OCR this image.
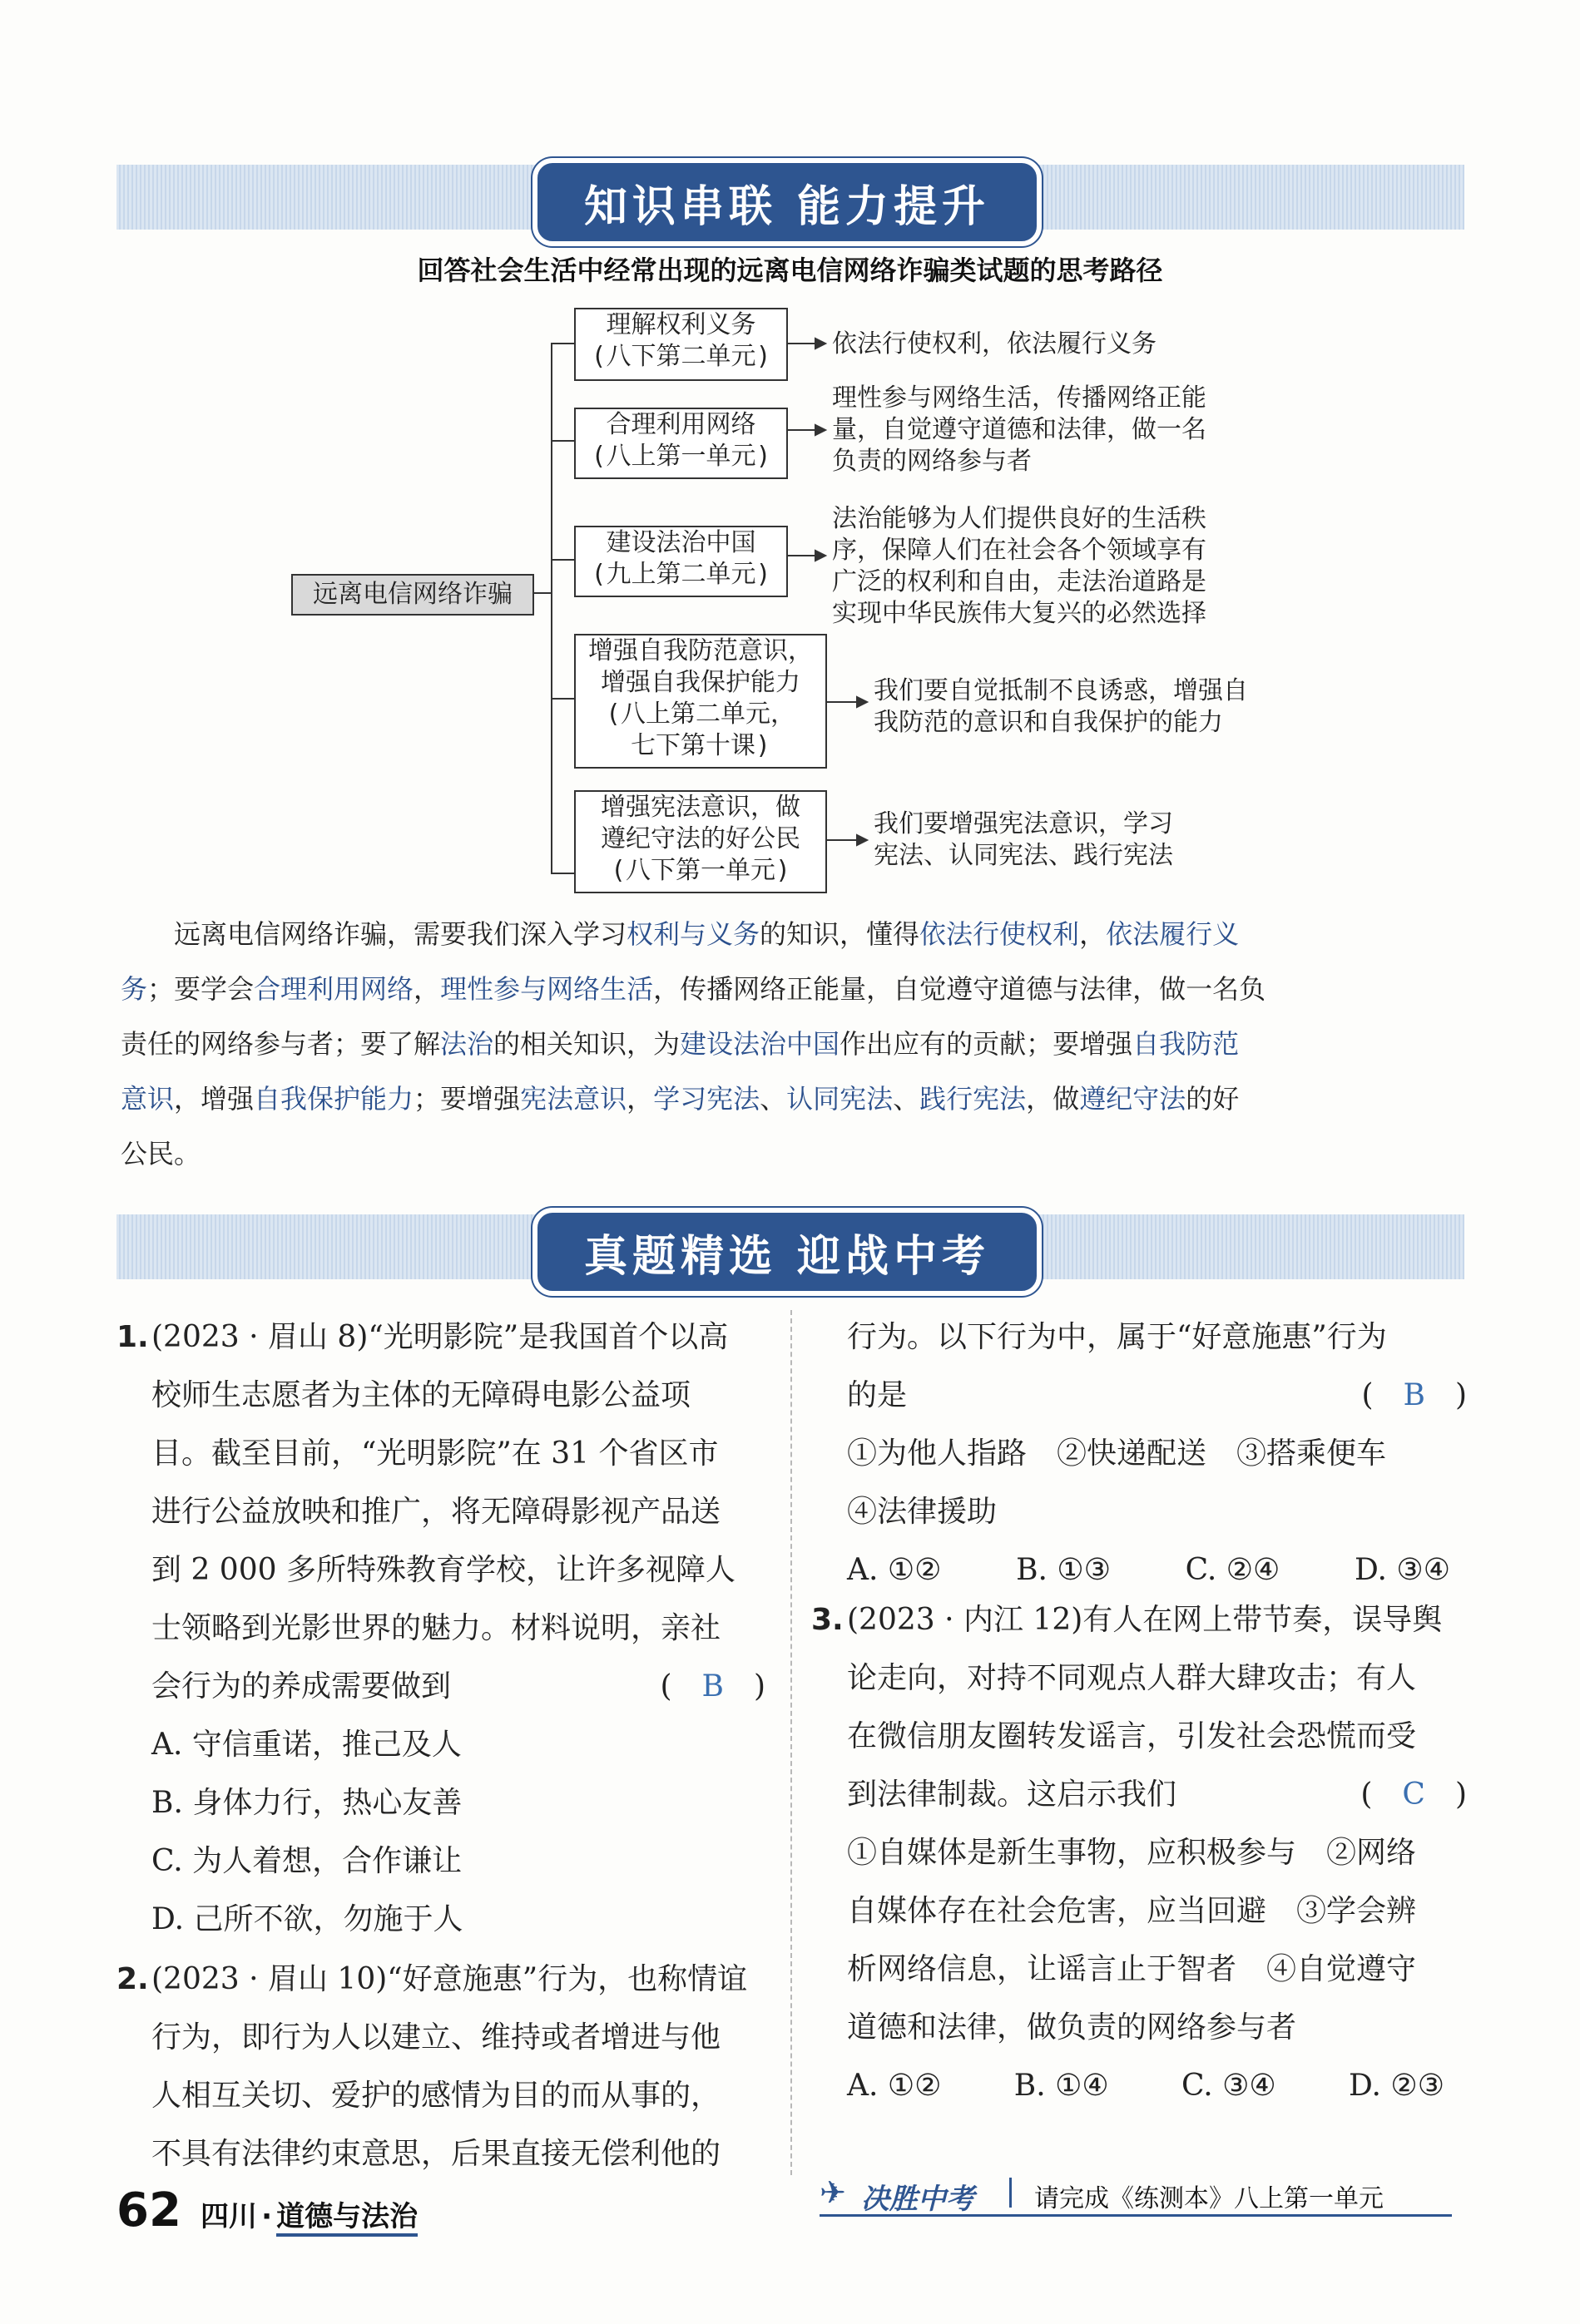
知识串联 能力提升
回答社会生活中经常出现的远离电信网络诈骗类试题的思考路径
远离电信网络诈骗
理解权利义务
(八下第二单元)
合理利用网络
(八上第一单元)
建设法治中国
(九上第二单元)
增强自我防范意识，
增强自我保护能力
(八上第二单元，
七下第十课)
增强宪法意识，做
遵纪守法的好公民
(八下第一单元)
依法行使权利，依法履行义务
理性参与网络生活，传播网络正能
量，自觉遵守道德和法律，做一名
负责的网络参与者
法治能够为人们提供良好的生活秩
序，保障人们在社会各个领域享有
广泛的权利和自由，走法治道路是
实现中华民族伟大复兴的必然选择
我们要自觉抵制不良诱惑，增强自
我防范的意识和自我保护的能力
我们要增强宪法意识，学习
宪法、认同宪法、践行宪法
远离电信网络诈骗，需要我们深入学习权利与义务的知识，懂得依法行使权利，依法履行义
务；要学会合理利用网络，理性参与网络生活，传播网络正能量，自觉遵守道德与法律，做一名负
责任的网络参与者；要了解法治的相关知识，为建设法治中国作出应有的贡献；要增强自我防范
意识，增强自我保护能力；要增强宪法意识，学习宪法、认同宪法、践行宪法，做遵纪守法的好
公民。
真题精选 迎战中考
1. (2023 · 眉山 8)“光明影院”是我国首个以高
校师生志愿者为主体的无障碍电影公益项
目。截至目前，“光明影院”在 31 个省区市
进行公益放映和推广，将无障碍影视产品送
到 2 000 多所特殊教育学校，让许多视障人
士领略到光影世界的魅力。材料说明，亲社
会行为的养成需要做到	(　B　)
A. 守信重诺，推己及人
B. 身体力行，热心友善
C. 为人着想，合作谦让
D. 己所不欲，勿施于人
2. (2023 · 眉山 10)“好意施惠”行为，也称情谊
行为，即行为人以建立、维持或者增进与他
人相互关切、爱护的感情为目的而从事的，
不具有法律约束意思，后果直接无偿利他的
行为。以下行为中，属于“好意施惠”行为
的是	(　B　)
①为他人指路　②快递配送　③搭乘便车
④法律援助
A. ①② B. ①③ C. ②④ D. ③④
3. (2023 · 内江 12)有人在网上带节奏，误导舆
论走向，对持不同观点人群大肆攻击；有人
在微信朋友圈转发谣言，引发社会恐慌而受
到法律制裁。这启示我们	(　C　)
①自媒体是新生事物，应积极参与　②网络
自媒体存在社会危害，应当回避　③学会辨
析网络信息，让谣言止于智者　④自觉遵守
道德和法律，做负责的网络参与者
A. ①② B. ①④ C. ③④ D. ②③
✈ 决胜中考 请完成《练测本》八上第一单元
62 四川 · 道德与法治
